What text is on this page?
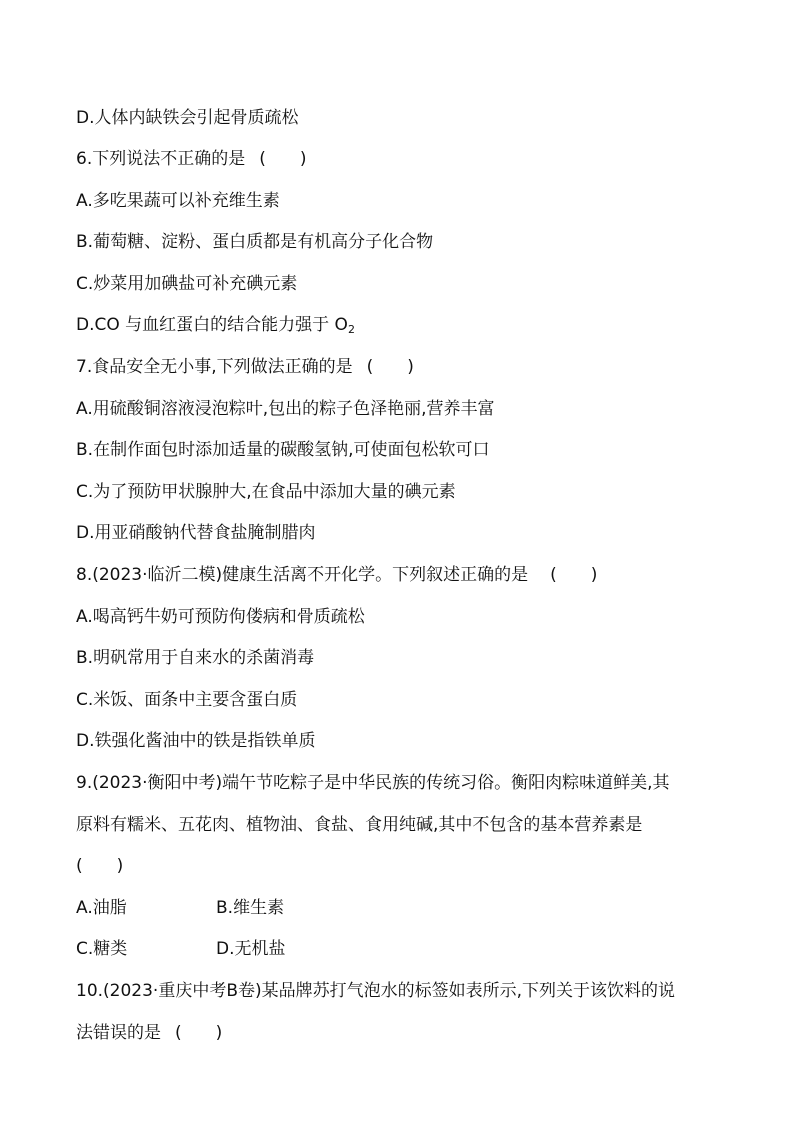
D.人体内缺铁会引起骨质疏松
6.下列说法不正确的是 (　　)
A.多吃果蔬可以补充维生素
B.葡萄糖、淀粉、蛋白质都是有机高分子化合物
C.炒菜用加碘盐可补充碘元素
D.CO 与血红蛋白的结合能力强于 $O_2$
7.食品安全无小事,下列做法正确的是 (　　)
A.用硫酸铜溶液浸泡粽叶,包出的粽子色泽艳丽,营养丰富
B.在制作面包时添加适量的碳酸氢钠,可使面包松软可口
C.为了预防甲状腺肿大,在食品中添加大量的碘元素
D.用亚硝酸钠代替食盐腌制腊肉
8.(2023·临沂二模)健康生活离不开化学。下列叙述正确的是 (　　)
A.喝高钙牛奶可预防佝偻病和骨质疏松
B.明矾常用于自来水的杀菌消毒
C.米饭、面条中主要含蛋白质
D.铁强化酱油中的铁是指铁单质
9.(2023·衡阳中考)端午节吃粽子是中华民族的传统习俗。衡阳肉粽味道鲜美,其
原料有糯米、五花肉、植物油、食盐、食用纯碱,其中不包含的基本营养素是
(　　)
A.油脂	B.维生素
C.糖类	D.无机盐
10.(2023·重庆中考B卷)某品牌苏打气泡水的标签如表所示,下列关于该饮料的说
法错误的是 (　　)
